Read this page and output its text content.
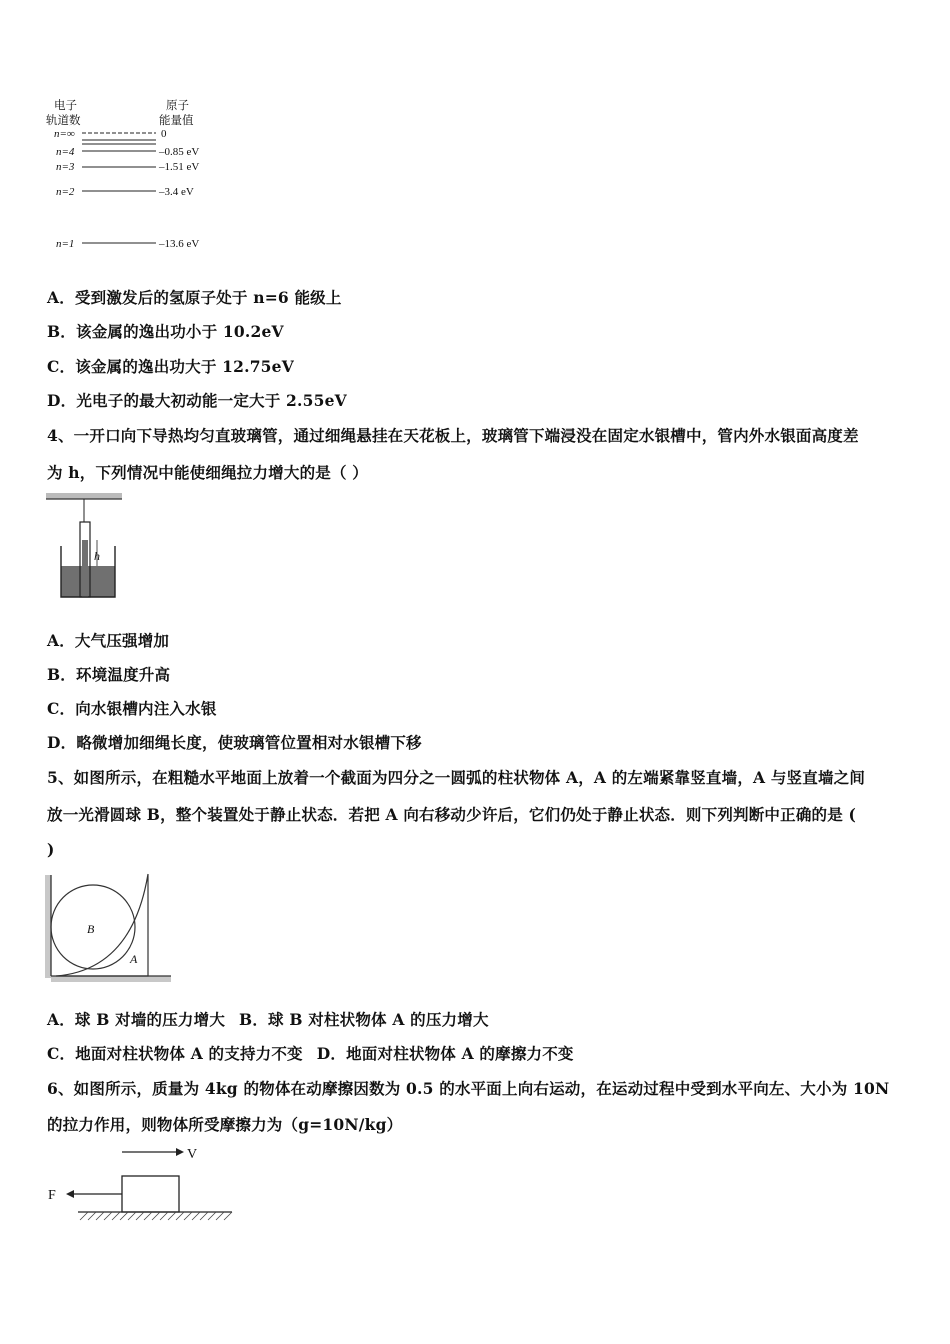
电子
轨道数
原子
能量值
n=∞
n=4
n=3
n=2
n=1
0
–0.85 eV
–1.51 eV
–3.4 eV
–13.6 eV
A．受到激发后的氢原子处于 n=6 能级上
B．该金属的逸出功小于 10.2eV
C．该金属的逸出功大于 12.75eV
D．光电子的最大初动能一定大于 2.55eV
4、一开口向下导热均匀直玻璃管，通过细绳悬挂在天花板上，玻璃管下端浸没在固定水银槽中，管内外水银面高度差
为 h，下列情况中能使细绳拉力增大的是（ ）
h
A．大气压强增加
B．环境温度升高
C．向水银槽内注入水银
D．略微增加细绳长度，使玻璃管位置相对水银槽下移
5、如图所示，在粗糙水平地面上放着一个截面为四分之一圆弧的柱状物体 A，A 的左端紧靠竖直墙，A 与竖直墙之间
放一光滑圆球 B，整个装置处于静止状态．若把 A 向右移动少许后，它们仍处于静止状态．则下列判断中正确的是 (
)
B
A
A．球 B 对墙的压力增大 B．球 B 对柱状物体 A 的压力增大
C．地面对柱状物体 A 的支持力不变 D．地面对柱状物体 A 的摩擦力不变
6、如图所示，质量为 4kg 的物体在动摩擦因数为 0.5 的水平面上向右运动，在运动过程中受到水平向左、大小为 10N
的拉力作用，则物体所受摩擦力为（g=10N/kg）
V
F
